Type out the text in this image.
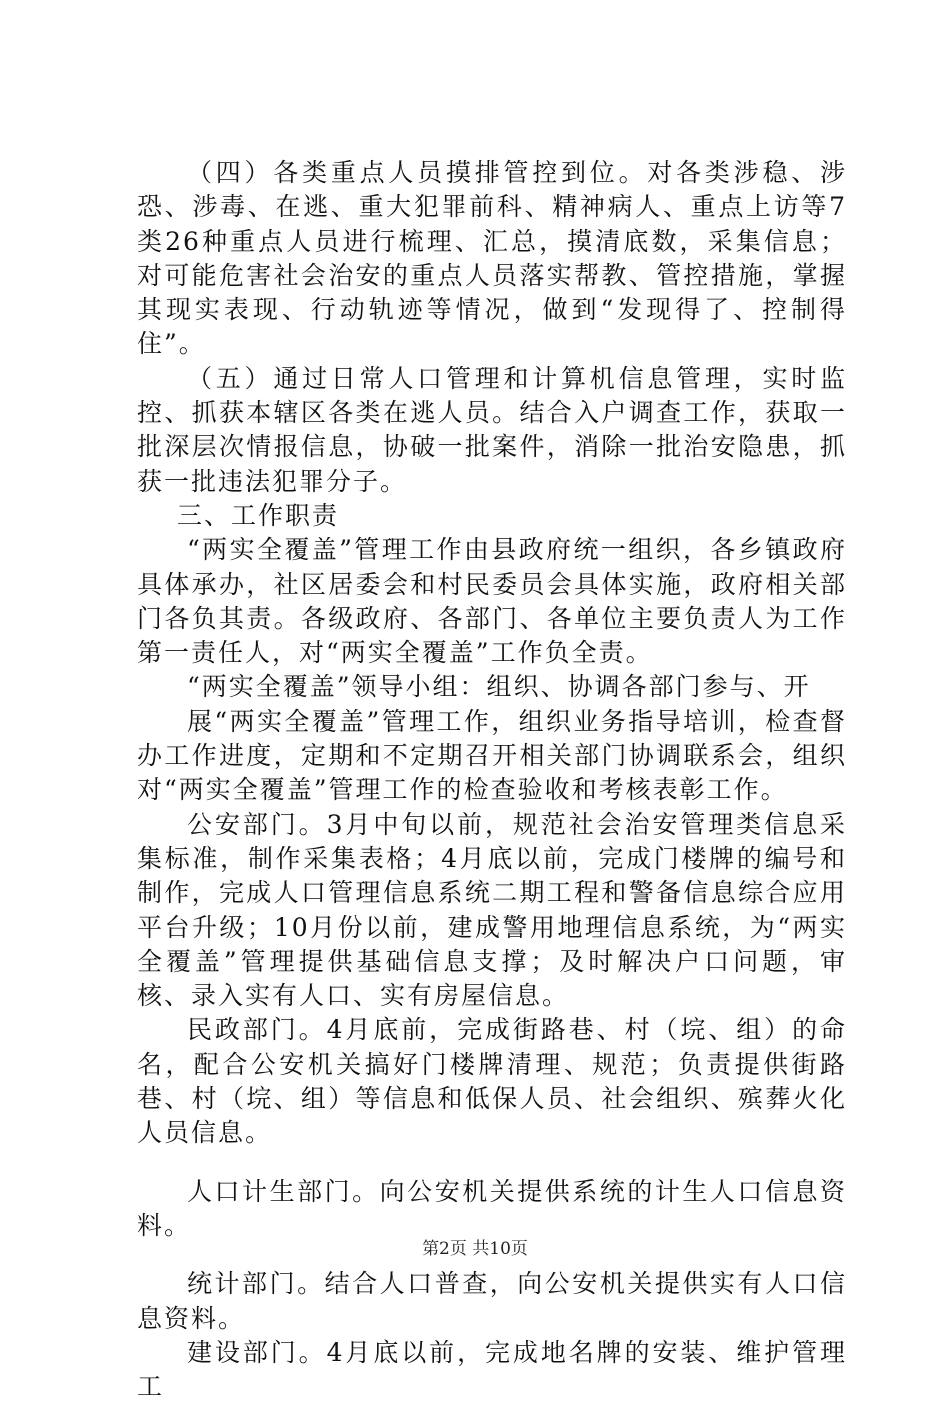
（四）各类重点人员摸排管控到位。对各类涉稳、涉恐、涉毒、在逃、重大犯罪前科、精神病人、重点上访等7类26种重点人员进行梳理、汇总，摸清底数，采集信息；对可能危害社会治安的重点人员落实帮教、管控措施，掌握其现实表现、行动轨迹等情况，做到“发现得了、控制得住”。

（五）通过日常人口管理和计算机信息管理，实时监控、抓获本辖区各类在逃人员。结合入户调查工作，获取一批深层次情报信息，协破一批案件，消除一批治安隐患，抓获一批违法犯罪分子。

三、工作职责

“两实全覆盖”管理工作由县政府统一组织，各乡镇政府具体承办，社区居委会和村民委员会具体实施，政府相关部门各负其责。各级政府、各部门、各单位主要负责人为工作第一责任人，对“两实全覆盖”工作负全责。

“两实全覆盖”领导小组：组织、协调各部门参与、开

展“两实全覆盖”管理工作，组织业务指导培训，检查督办工作进度，定期和不定期召开相关部门协调联系会，组织对“两实全覆盖”管理工作的检查验收和考核表彰工作。

公安部门。3月中旬以前，规范社会治安管理类信息采集标准，制作采集表格；4月底以前，完成门楼牌的编号和制作，完成人口管理信息系统二期工程和警备信息综合应用平台升级；10月份以前，建成警用地理信息系统，为“两实全覆盖”管理提供基础信息支撑；及时解决户口问题，审核、录入实有人口、实有房屋信息。

民政部门。4月底前，完成街路巷、村（垸、组）的命名，配合公安机关搞好门楼牌清理、规范；负责提供街路巷、村（垸、组）等信息和低保人员、社会组织、殡葬火化人员信息。

人口计生部门。向公安机关提供系统的计生人口信息资料。

统计部门。结合人口普查，向公安机关提供实有人口信息资料。

建设部门。4月底以前，完成地名牌的安装、维护管理工

第2页 共10页
